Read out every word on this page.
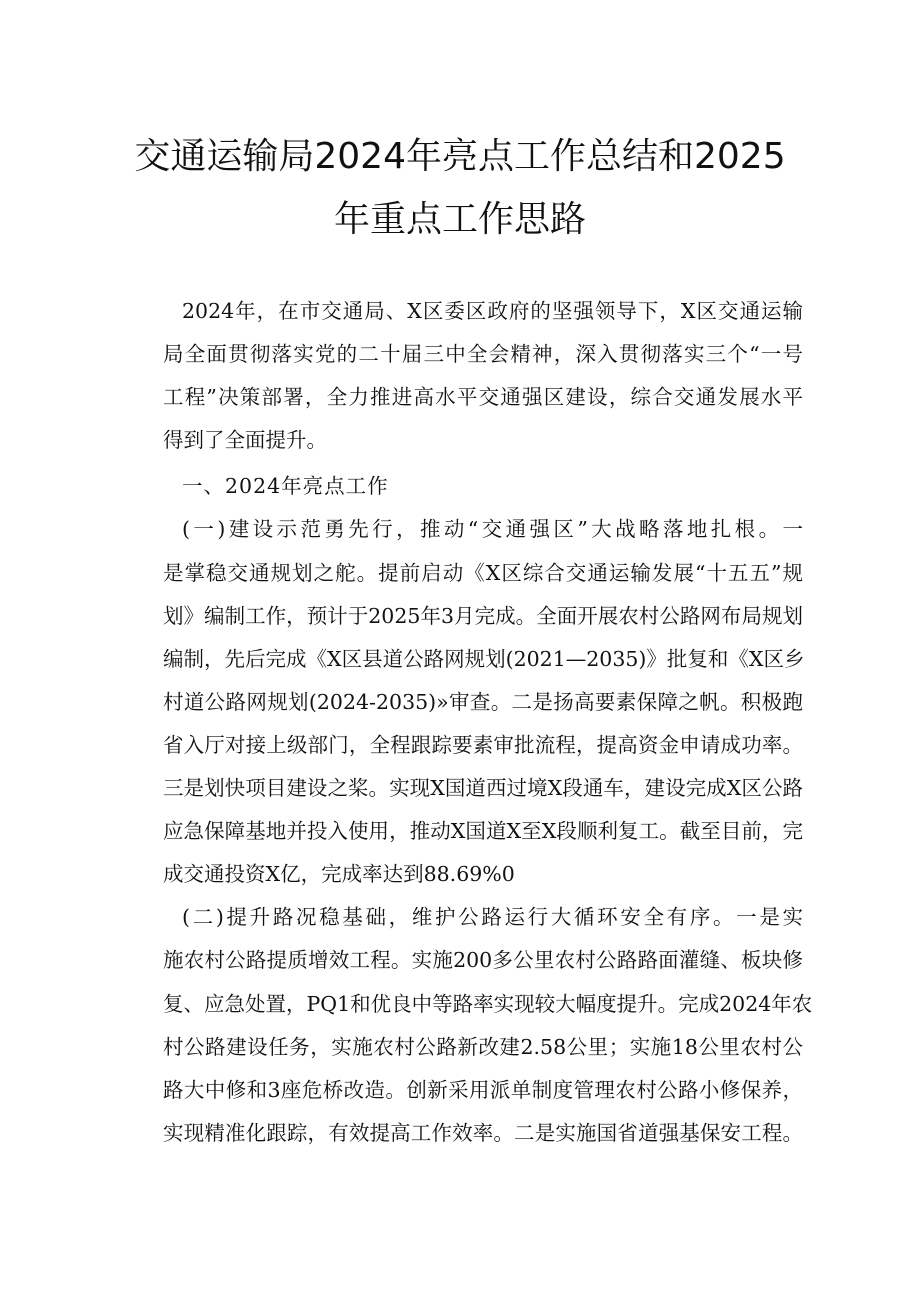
交通运输局2024年亮点工作总结和2025
年重点工作思路
2024年，在市交通局、X区委区政府的坚强领导下，X区交通运输
局全面贯彻落实党的二十届三中全会精神，深入贯彻落实三个“一号
工程”决策部署，全力推进高水平交通强区建设，综合交通发展水平
得到了全面提升。
一、2024年亮点工作
(一)建设示范勇先行，推动“交通强区”大战略落地扎根。一
是掌稳交通规划之舵。提前启动《X区综合交通运输发展“十五五”规
划》编制工作，预计于2025年3月完成。全面开展农村公路网布局规划
编制，先后完成《X区县道公路网规划(2021—2035)》批复和《X区乡
村道公路网规划(2024-2035)»审查。二是扬高要素保障之帆。积极跑
省入厅对接上级部门，全程跟踪要素审批流程，提高资金申请成功率。
三是划快项目建设之桨。实现X国道西过境X段通车，建设完成X区公路
应急保障基地并投入使用，推动X国道X至X段顺利复工。截至目前，完
成交通投资X亿，完成率达到88.69%0
(二)提升路况稳基础，维护公路运行大循环安全有序。一是实
施农村公路提质增效工程。实施200多公里农村公路路面灌缝、板块修
复、应急处置，PQ1和优良中等路率实现较大幅度提升。完成2024年农
村公路建设任务，实施农村公路新改建2.58公里；实施18公里农村公
路大中修和3座危桥改造。创新采用派单制度管理农村公路小修保养，
实现精准化跟踪，有效提高工作效率。二是实施国省道强基保安工程。
